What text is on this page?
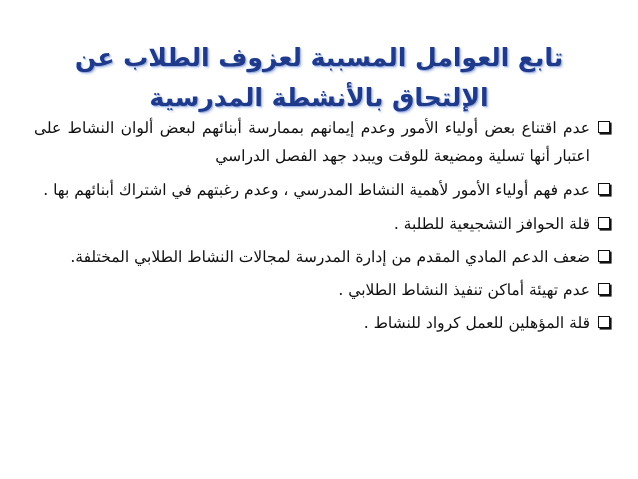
تابع العوامل المسببة لعزوف الطلاب عن الإلتحاق بالأنشطة المدرسية
عدم اقتناع بعض أولياء الأمور وعدم إيمانهم بممارسة أبنائهم لبعض ألوان النشاط على اعتبار أنها تسلية ومضيعة للوقت ويبدد جهد الفصل الدراسي
عدم فهم أولياء الأمور لأهمية النشاط المدرسي ، وعدم رغبتهم في اشتراك أبنائهم بها .
قلة الحوافز التشجيعية للطلبة .
ضعف الدعم المادي المقدم من إدارة المدرسة لمجالات النشاط الطلابي المختلفة.
عدم تهيئة أماكن تنفيذ النشاط الطلابي .
قلة المؤهلين للعمل كرواد للنشاط .
